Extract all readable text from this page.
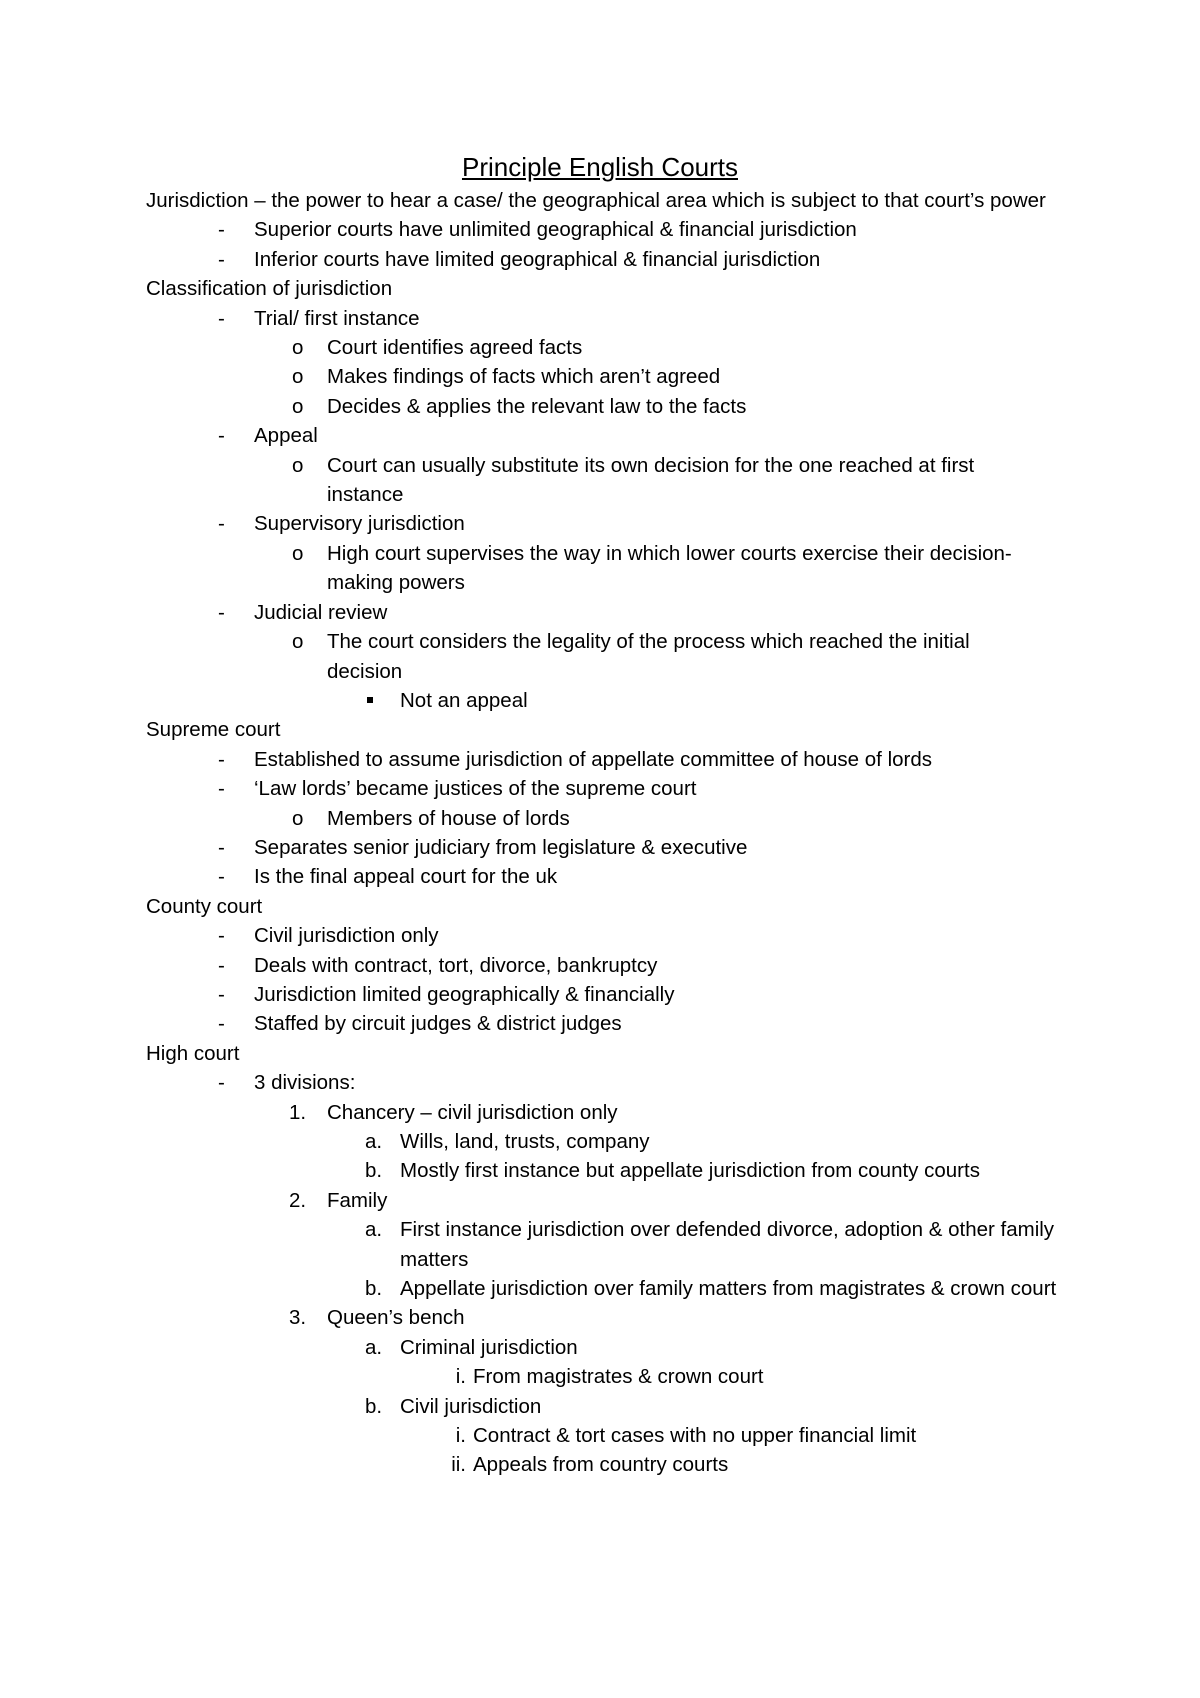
Principle English Courts
Jurisdiction – the power to hear a case/ the geographical area which is subject to that court’s power
- Superior courts have unlimited geographical & financial jurisdiction
- Inferior courts have limited geographical & financial jurisdiction
Classification of jurisdiction
- Trial/ first instance
o Court identifies agreed facts
o Makes findings of facts which aren’t agreed
o Decides & applies the relevant law to the facts
- Appeal
o Court can usually substitute its own decision for the one reached at first instance
- Supervisory jurisdiction
o High court supervises the way in which lower courts exercise their decision-making powers
- Judicial review
o The court considers the legality of the process which reached the initial decision
Not an appeal
Supreme court
- Established to assume jurisdiction of appellate committee of house of lords
- ‘Law lords’ became justices of the supreme court
o Members of house of lords
- Separates senior judiciary from legislature & executive
- Is the final appeal court for the uk
County court
- Civil jurisdiction only
- Deals with contract, tort, divorce, bankruptcy
- Jurisdiction limited geographically & financially
- Staffed by circuit judges & district judges
High court
- 3 divisions:
1. Chancery – civil jurisdiction only
a. Wills, land, trusts, company
b. Mostly first instance but appellate jurisdiction from county courts
2. Family
a. First instance jurisdiction over defended divorce, adoption & other family matters
b. Appellate jurisdiction over family matters from magistrates & crown court
3. Queen’s bench
a. Criminal jurisdiction
i. From magistrates & crown court
b. Civil jurisdiction
i. Contract & tort cases with no upper financial limit
ii. Appeals from country courts
